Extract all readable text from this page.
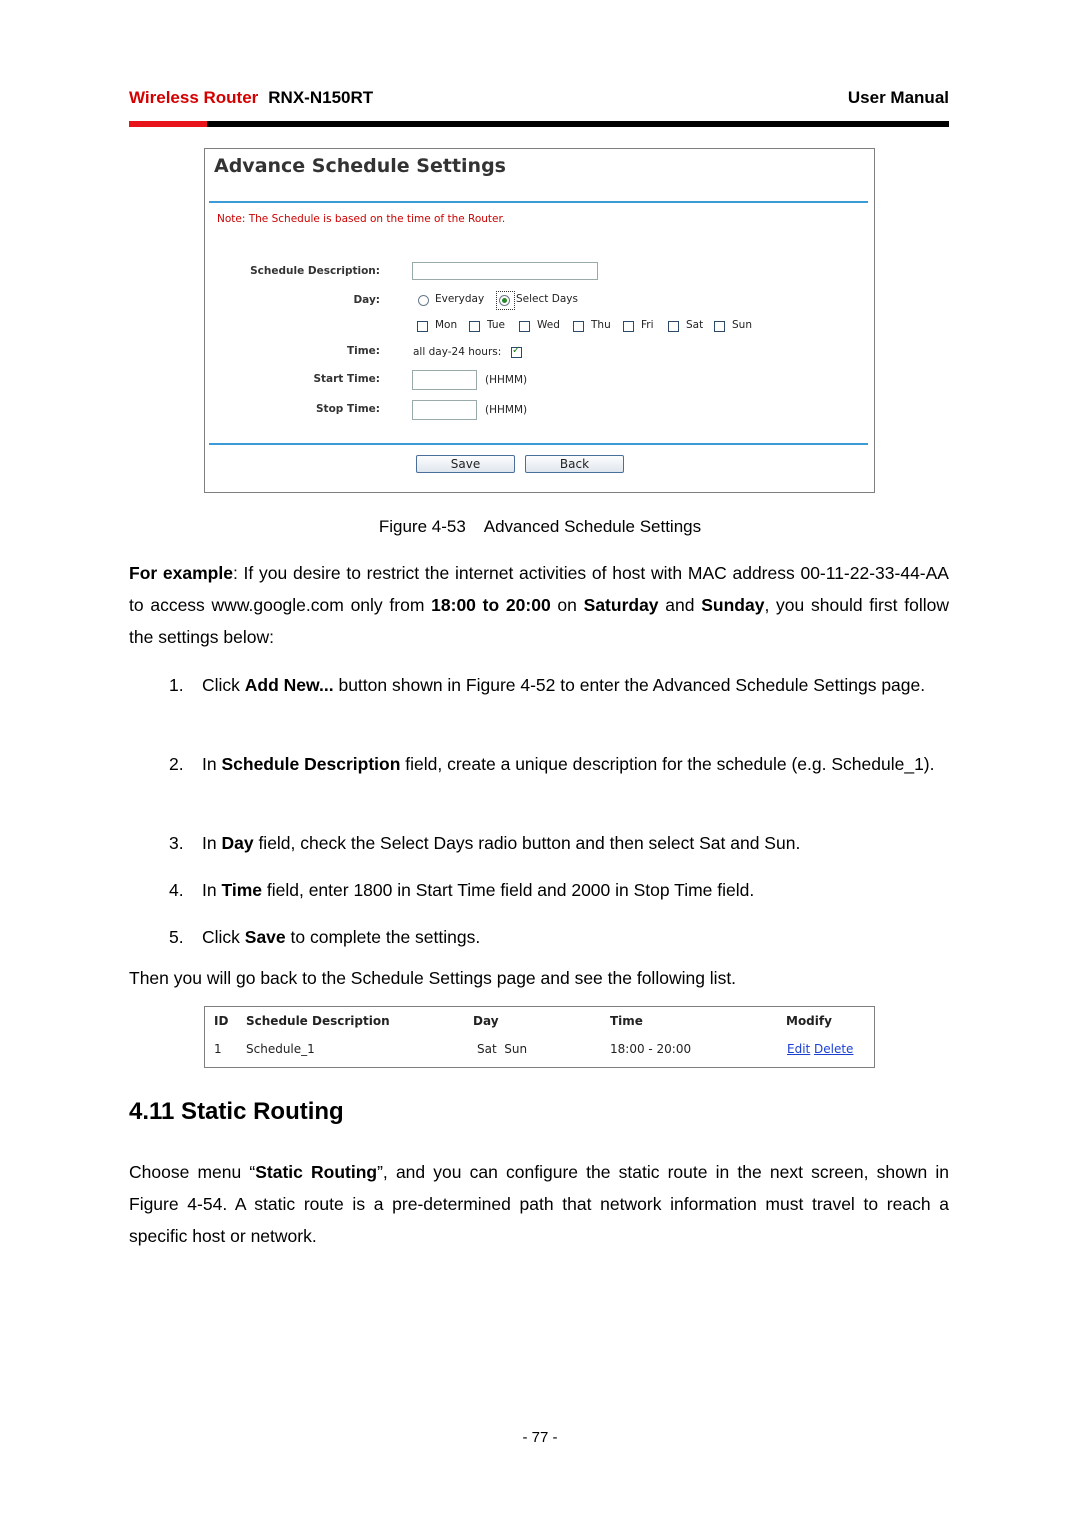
Wireless Router RNX-N150RT	User Manual
Advance Schedule Settings
Note: The Schedule is based on the time of the Router.
Schedule Description:
Day:	Everyday	Select Days
Mon	Tue	Wed	Thu	Fri	Sat	Sun
Time:	all day-24 hours:
✓
Start Time:	(HHMM)
Stop Time:	(HHMM)
Save	Back
Figure 4-53    Advanced Schedule Settings
For example: If you desire to restrict the internet activities of host with MAC address 00-11-22-33-44-AA to access www.google.com only from 18:00 to 20:00 on Saturday and Sunday, you should first follow the settings below:
1. Click Add New... button shown in Figure 4-52 to enter the Advanced Schedule Settings page.
2. In Schedule Description field, create a unique description for the schedule (e.g. Schedule_1).
3. In Day field, check the Select Days radio button and then select Sat and Sun.
4. In Time field, enter 1800 in Start Time field and 2000 in Stop Time field.
5. Click Save to complete the settings.
Then you will go back to the Schedule Settings page and see the following list.
ID Schedule Description	Day	Time	Modify
1 Schedule_1	Sat  Sun	18:00 - 20:00	Edit Delete
4.11 Static Routing
Choose menu “Static Routing”, and you can configure the static route in the next screen, shown in Figure 4-54. A static route is a pre-determined path that network information must travel to reach a specific host or network.
- 77 -
